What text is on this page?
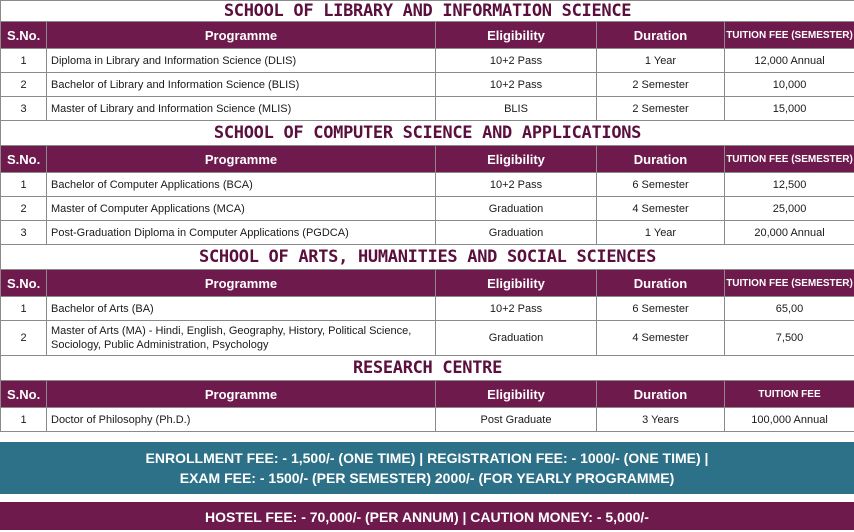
SCHOOL OF LIBRARY AND INFORMATION SCIENCE				
S.No.	Programme	Eligibility	Duration	TUITION FEE (SEMESTER)
1	Diploma in Library and Information Science (DLIS)	10+2 Pass	1 Year	12,000 Annual
2	Bachelor of Library and Information Science (BLIS)	10+2 Pass	2 Semester	10,000
3	Master of Library and Information Science (MLIS)	BLIS	2 Semester	15,000
SCHOOL OF COMPUTER SCIENCE AND APPLICATIONS				
S.No.	Programme	Eligibility	Duration	TUITION FEE (SEMESTER)
1	Bachelor of Computer Applications (BCA)	10+2 Pass	6 Semester	12,500
2	Master of Computer Applications (MCA)	Graduation	4 Semester	25,000
3	Post-Graduation Diploma in Computer Applications (PGDCA)	Graduation	1 Year	20,000 Annual
SCHOOL OF ARTS, HUMANITIES AND SOCIAL SCIENCES				
S.No.	Programme	Eligibility	Duration	TUITION FEE (SEMESTER)
1	Bachelor of Arts (BA)	10+2 Pass	6 Semester	65,00
2	Master of Arts (MA) - Hindi, English, Geography, History, Political Science, Sociology, Public Administration, Psychology	Graduation	4 Semester	7,500
RESEARCH CENTRE				
S.No.	Programme	Eligibility	Duration	TUITION FEE
1	Doctor of Philosophy (Ph.D.)	Post Graduate	3 Years	100,000 Annual
ENROLLMENT FEE: - 1,500/- (ONE TIME) | REGISTRATION FEE: - 1000/- (ONE TIME) |
EXAM FEE: - 1500/- (PER SEMESTER) 2000/- (FOR YEARLY PROGRAMME)
HOSTEL FEE: - 70,000/- (PER ANNUM) | CAUTION MONEY: - 5,000/-
